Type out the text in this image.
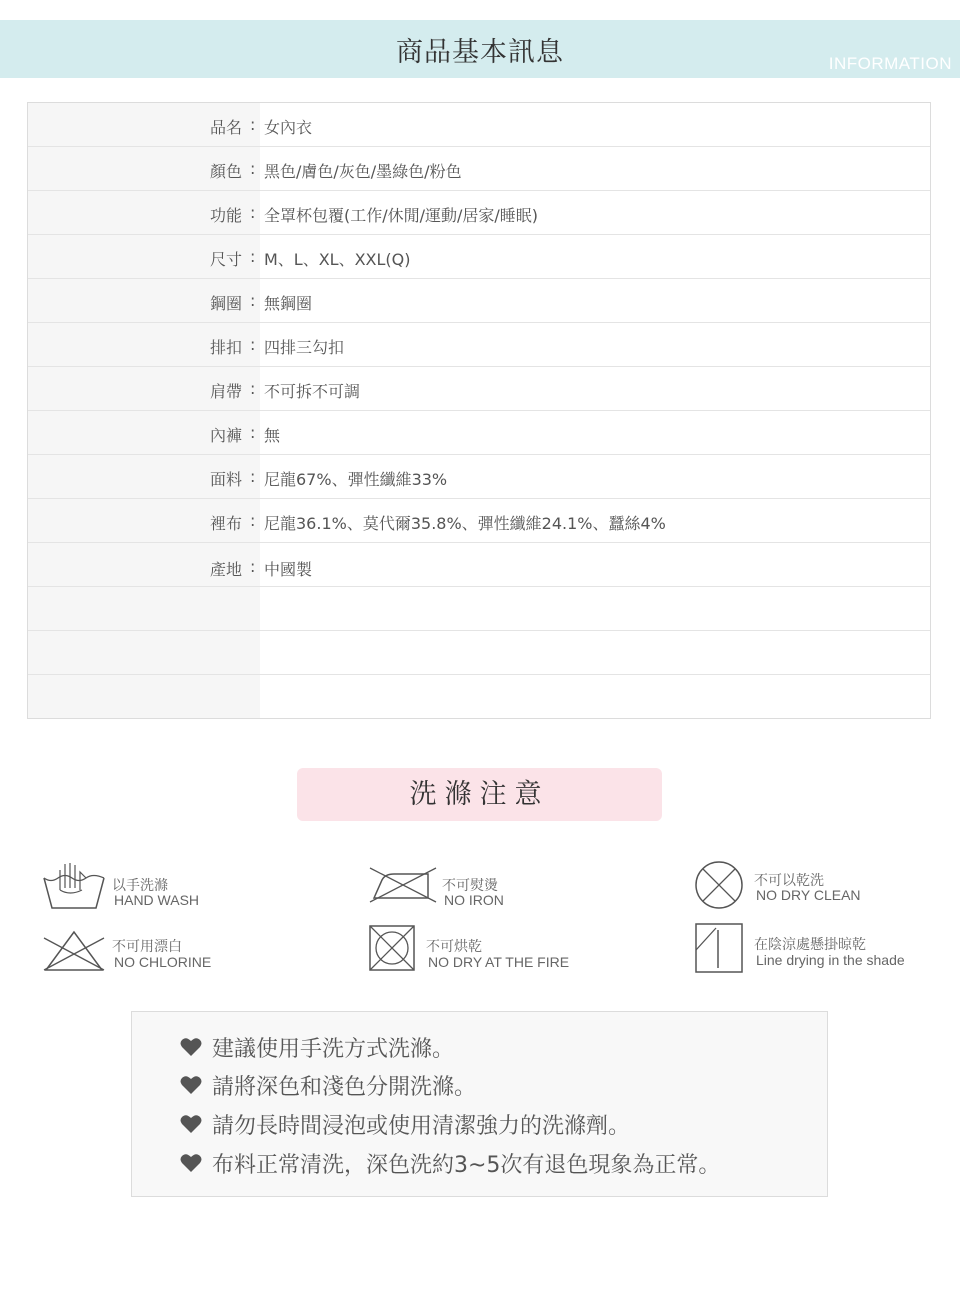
商品基本訊息	INFORMATION
品名 : 女內衣
顏色 : 黑色/膚色/灰色/墨綠色/粉色
功能 : 全罩杯包覆(工作/休閒/運動/居家/睡眠)
尺寸 : M、L、XL、XXL(Q)
鋼圈 : 無鋼圈
排扣 : 四排三勾扣
肩帶 : 不可拆不可調
內褲 : 無
面料 : 尼龍67%、彈性纖維33%
裡布 : 尼龍36.1%、莫代爾35.8%、彈性纖維24.1%、蠶絲4%
產地 : 中國製
洗滌注意
以手洗滌
HAND WASH
不可熨燙
NO IRON
不可以乾洗
NO DRY CLEAN
不可用漂白
NO CHLORINE
不可烘乾
NO DRY AT THE FIRE
在陰涼處懸掛晾乾
Line drying in the shade
建議使用手洗方式洗滌。
請將深色和淺色分開洗滌。
請勿長時間浸泡或使用清潔強力的洗滌劑。
布料正常清洗，深色洗約3~5次有退色現象為正常。
